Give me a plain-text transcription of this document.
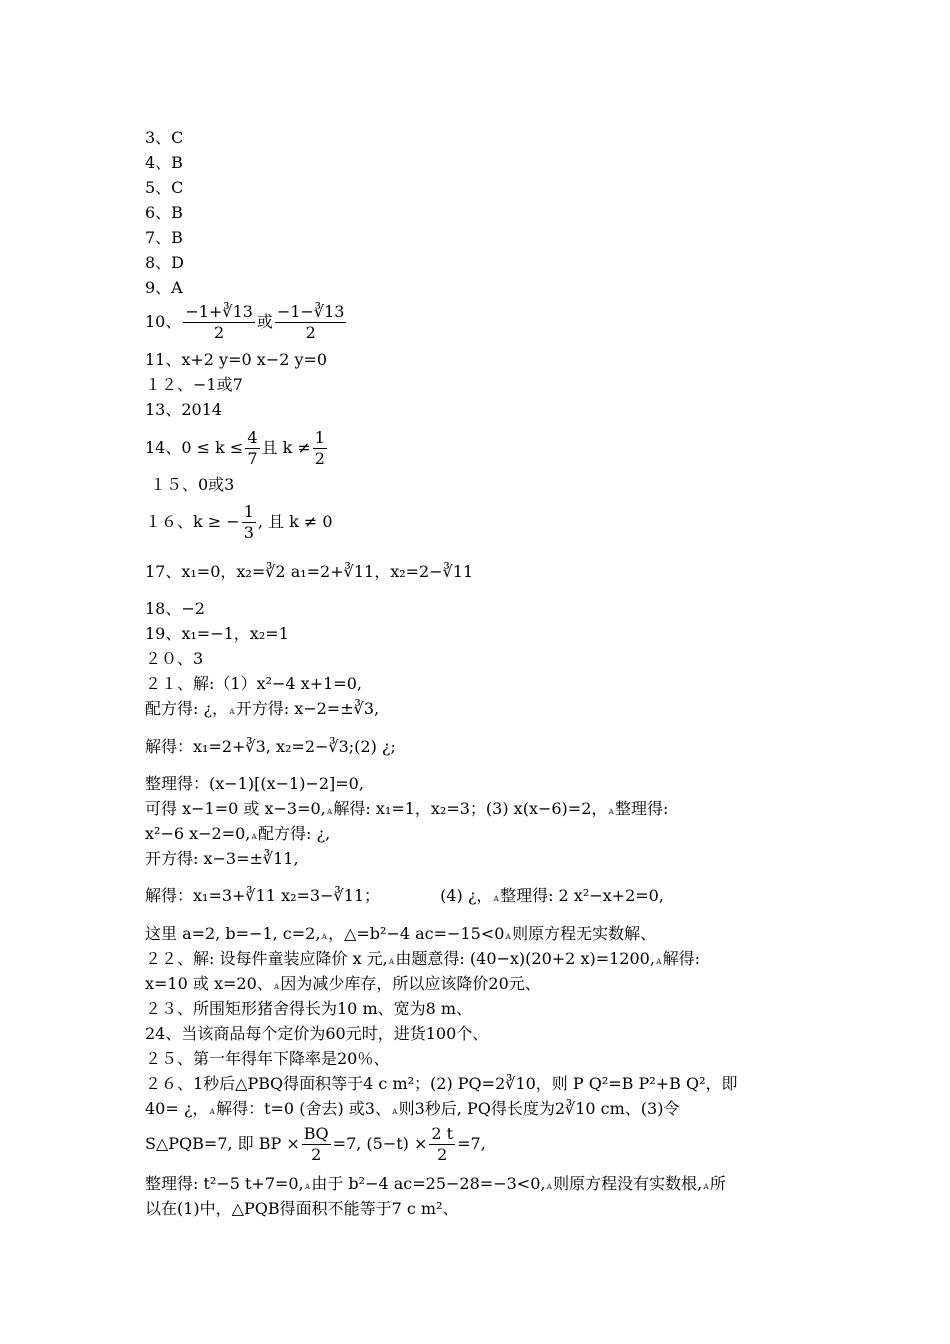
3、C
4、B
5、C
6、B
7、B
8、D
9、A
10、 $\frac{-1+∛13}{2}$ 或 $\frac{-1-∛13}{2}$
11、x+2 y=0 x−2 y=0
１２、−1或7
13、2014
14、$0 \le k \le \frac{4}{7}$ 且 $k \ne \frac{1}{2}$
１５、0或3
１６、k ≥ − $\frac{1}{3}$ , 且 k ≠ 0
17、x₁=0，x₂=∛2 a₁=2+∛11，x₂=2−∛11
18、−2
19、x₁=−1，x₂=1
２０、3
２１、解:（1）x²−4 x+1=0,
配方得: ¿，ᴀ开方得: x−2=±∛3,
解得：x₁=2+∛3, x₂=2−∛3;(2) ¿;
整理得：(x−1)[(x−1)−2]=0,
可得 x−1=0 或 x−3=0,ᴀ解得: x₁=1，x₂=3；(3) x(x−6)=2，ᴀ整理得:
x²−6 x−2=0,ᴀ配方得: ¿,
开方得: x−3=±∛11,
解得：x₁=3+∛11 x₂=3−∛11；	(4) ¿，ᴀ整理得: 2 x²−x+2=0,
这里 a=2, b=−1, c=2,ᴀ，△=b²−4 ac=−15<0ᴀ则原方程无实数解、
２２、解: 设每件童装应降价 x 元,ᴀ由题意得: (40−x)(20+2 x)=1200,ᴀ解得:
x=10 或 x=20、ᴀ因为减少库存，所以应该降价20元、
２３、所围矩形猪舍得长为10 m、宽为8 m、
24、当该商品每个定价为60元时，进货100个、
２５、第一年得年下降率是20％、
２６、1秒后△PBQ得面积等于4 c m²；(2) PQ=2∛10，则 P Q²=B P²+B Q²，即
40= ¿，ᴀ解得：t=0 (舍去) 或3、ᴀ则3秒后, PQ得长度为2∛10 cm、(3)令
S△PQB=7, 即 BP × $\frac{BQ}{2} =7$, $(5-t) \times \frac{2 t}{2} =7$,
整理得: t²−5 t+7=0,ᴀ由于 b²−4 ac=25−28=−3<0,ᴀ则原方程没有实数根,ᴀ所
以在(1)中，△PQB得面积不能等于7 c m²、
